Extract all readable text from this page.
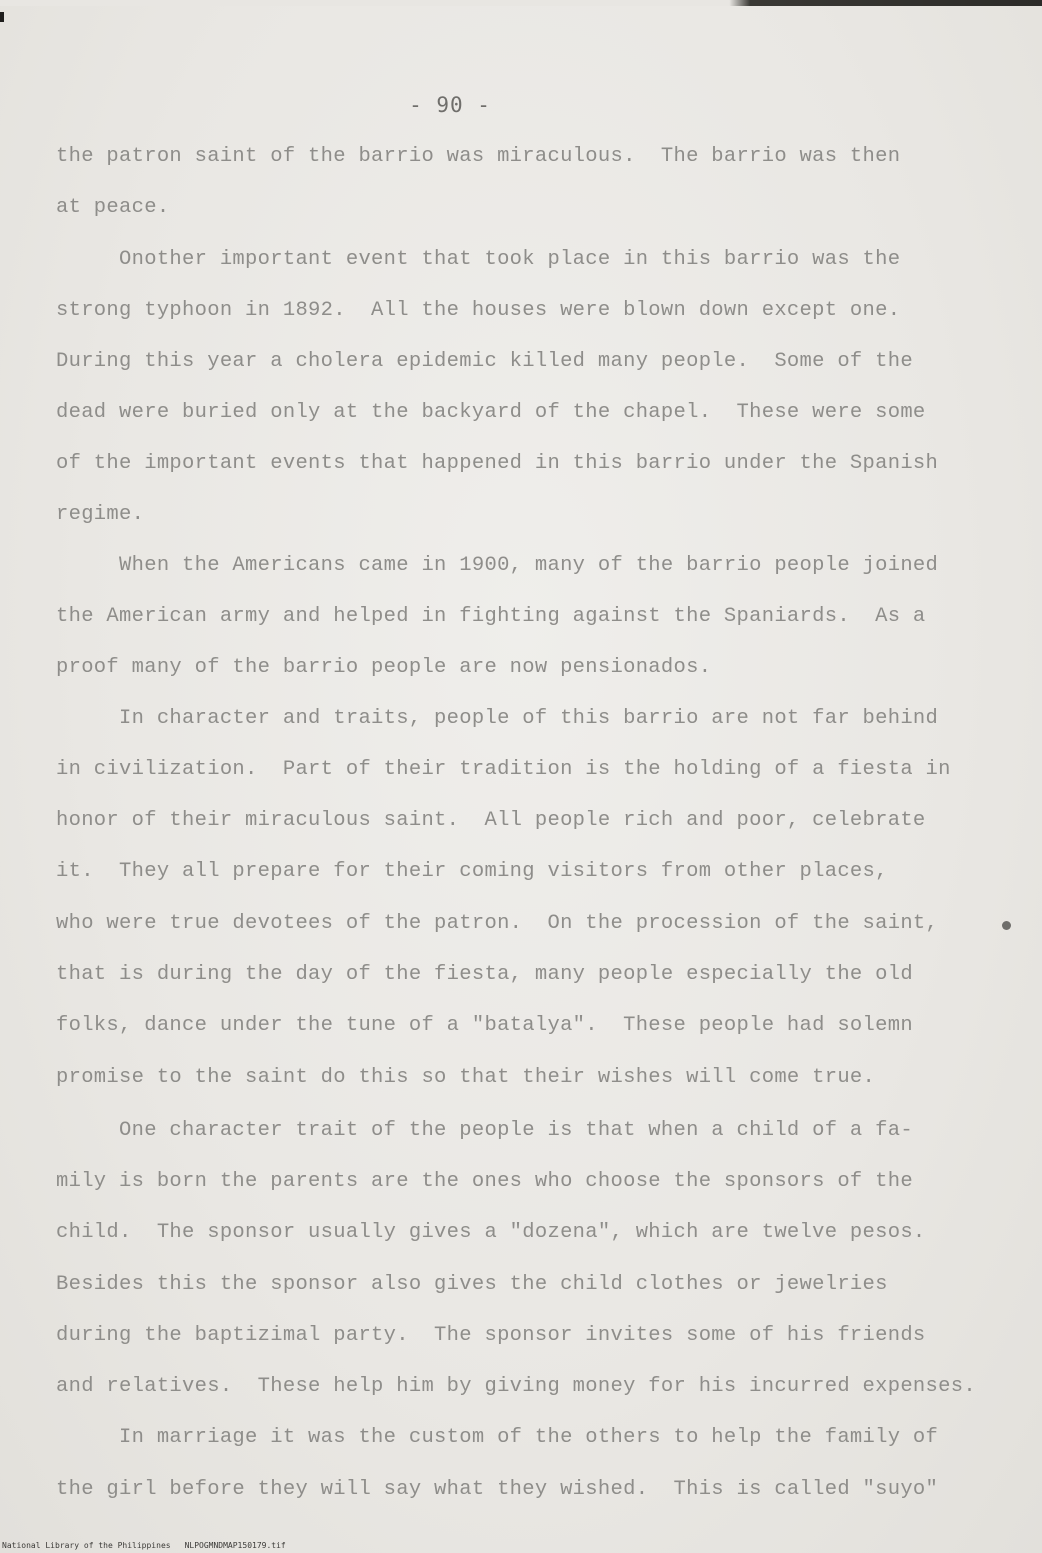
- 90 -
the patron saint of the barrio was miraculous.  The barrio was then
at peace.
Onother important event that took place in this barrio was the
strong typhoon in 1892.  All the houses were blown down except one.
During this year a cholera epidemic killed many people.  Some of the
dead were buried only at the backyard of the chapel.  These were some
of the important events that happened in this barrio under the Spanish
regime.
When the Americans came in 1900, many of the barrio people joined
the American army and helped in fighting against the Spaniards.  As a
proof many of the barrio people are now pensionados.
In character and traits, people of this barrio are not far behind
in civilization.  Part of their tradition is the holding of a fiesta in
honor of their miraculous saint.  All people rich and poor, celebrate
it.  They all prepare for their coming visitors from other places,
who were true devotees of the patron.  On the procession of the saint,
that is during the day of the fiesta, many people especially the old
folks, dance under the tune of a "batalya".  These people had solemn
promise to the saint do this so that their wishes will come true.
One character trait of the people is that when a child of a fa-
mily is born the parents are the ones who choose the sponsors of the
child.  The sponsor usually gives a "dozena", which are twelve pesos.
Besides this the sponsor also gives the child clothes or jewelries
during the baptizimal party.  The sponsor invites some of his friends
and relatives.  These help him by giving money for his incurred expenses.
In marriage it was the custom of the others to help the family of
the girl before they will say what they wished.  This is called "suyo"
National Library of the Philippines NLPOGMNDMAP150179.tif
